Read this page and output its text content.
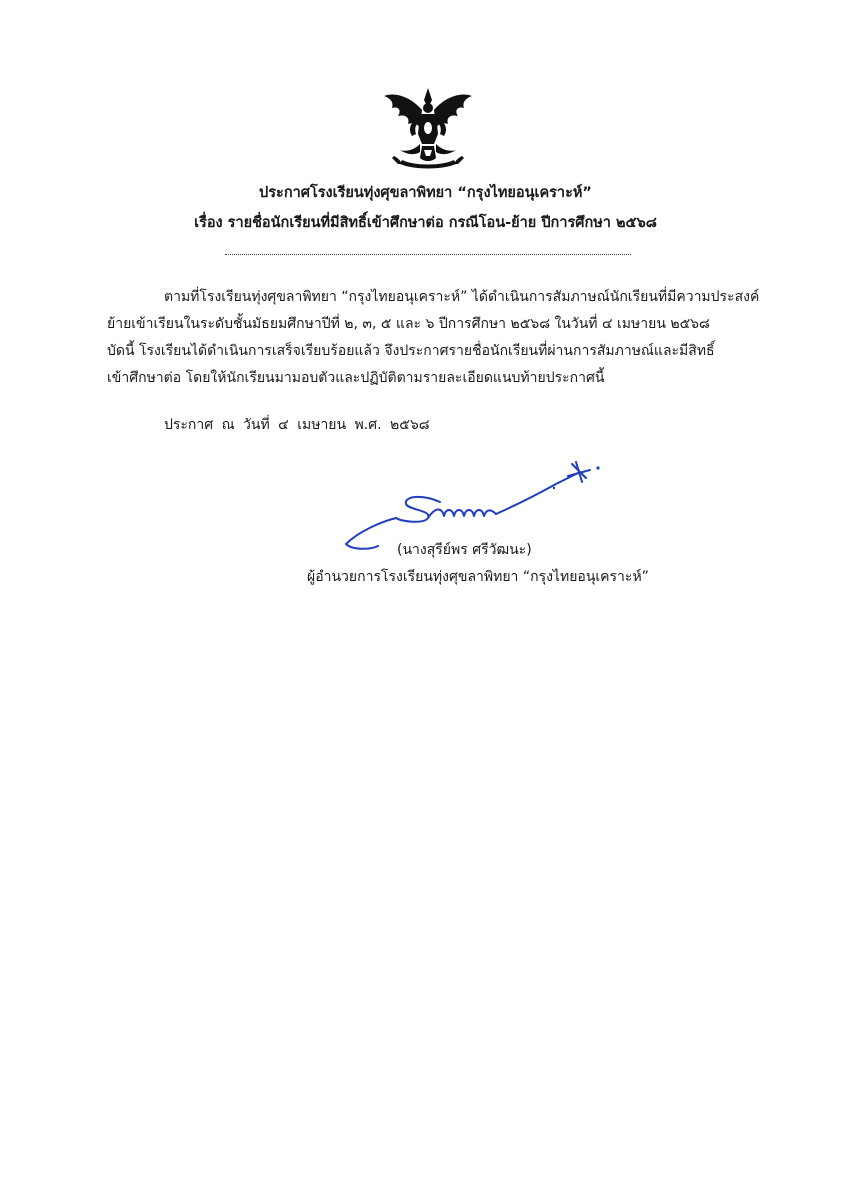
ประกาศโรงเรียนทุ่งศุขลาพิทยา “กรุงไทยอนุเคราะห์”
เรื่อง รายชื่อนักเรียนที่มีสิทธิ์เข้าศึกษาต่อ กรณีโอน-ย้าย ปีการศึกษา ๒๕๖๘
ตามที่โรงเรียนทุ่งศุขลาพิทยา “กรุงไทยอนุเคราะห์” ได้ดำเนินการสัมภาษณ์นักเรียนที่มีความประสงค์
ย้ายเข้าเรียนในระดับชั้นมัธยมศึกษาปีที่ ๒, ๓, ๕ และ ๖ ปีการศึกษา ๒๕๖๘ ในวันที่ ๔ เมษายน ๒๕๖๘
บัดนี้ โรงเรียนได้ดำเนินการเสร็จเรียบร้อยแล้ว จึงประกาศรายชื่อนักเรียนที่ผ่านการสัมภาษณ์และมีสิทธิ์
เข้าศึกษาต่อ โดยให้นักเรียนมามอบตัวและปฏิบัติตามรายละเอียดแนบท้ายประกาศนี้
ประกาศ ณ วันที่ ๔ เมษายน พ.ศ. ๒๕๖๘
(นางสุรีย์พร ศรีวัฒนะ)
ผู้อำนวยการโรงเรียนทุ่งศุขลาพิทยา “กรุงไทยอนุเคราะห์”
